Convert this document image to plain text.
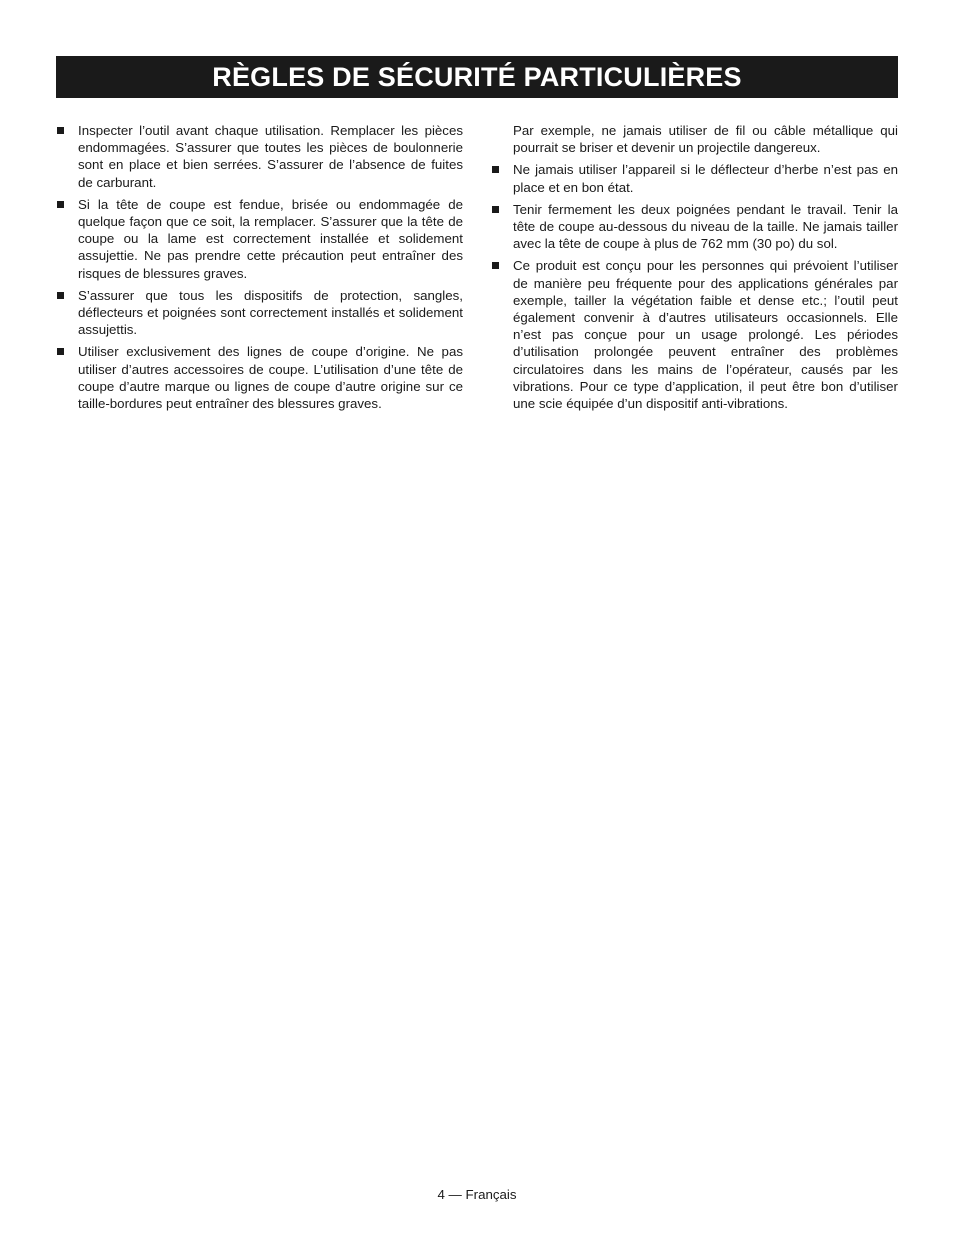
RÈGLES DE SÉCURITÉ PARTICULIÈRES
Inspecter l’outil avant chaque utilisation. Remplacer les pièces endommagées. S’assurer que toutes les pièces de boulonnerie sont en place et bien serrées. S’assurer de l’absence de fuites de carburant.
Si la tête de coupe est fendue, brisée ou endommagée de quelque façon que ce soit, la remplacer. S’assurer que la tête de coupe ou la lame est correctement installée et solidement assujettie. Ne pas prendre cette précaution peut entraîner des risques de blessures graves.
S’assurer que tous les dispositifs de protection, sangles, déflecteurs et poignées sont correctement installés et solidement assujettis.
Utiliser exclusivement des lignes de coupe d’origine. Ne pas utiliser d’autres accessoires de coupe. L’utilisation d’une tête de coupe d’autre marque ou lignes de coupe d’autre origine sur ce taille-bordures peut entraîner des blessures graves.
Par exemple, ne jamais utiliser de fil ou câble métallique qui pourrait se briser et devenir un projectile dangereux.
Ne jamais utiliser l’appareil si le déflecteur d’herbe n’est pas en place et en bon état.
Tenir fermement les deux poignées pendant le travail. Tenir la tête de coupe au-dessous du niveau de la taille. Ne jamais tailler avec la tête de coupe à plus de 762 mm (30 po) du sol.
Ce produit est conçu pour les personnes qui prévoient l’utiliser de manière peu fréquente pour des applications générales par exemple, tailler la végétation faible et dense etc.; l’outil peut également convenir à d’autres utilisateurs occasionnels. Elle n’est pas conçue pour un usage prolongé. Les périodes d’utilisation prolongée peuvent entraîner des problèmes circulatoires dans les mains de l’opérateur, causés par les vibrations. Pour ce type d’application, il peut être bon d’utiliser une scie équipée d’un dispositif anti-vibrations.
4 — Français
